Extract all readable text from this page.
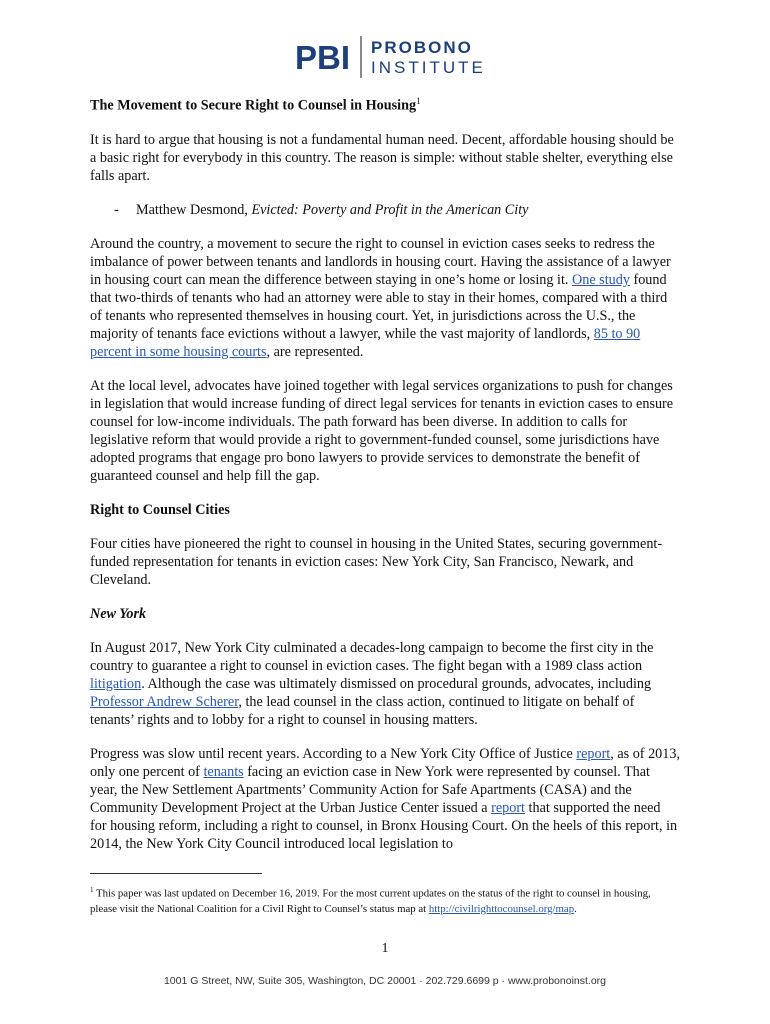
PBI PROBONO
INSTITUTE
The Movement to Secure Right to Counsel in Housing$^1$

It is hard to argue that housing is not a fundamental human need. Decent, affordable housing should be a basic right for everybody in this country. The reason is simple: without stable shelter, everything else falls apart.

- Matthew Desmond, Evicted: Poverty and Profit in the American City

Around the country, a movement to secure the right to counsel in eviction cases seeks to redress the imbalance of power between tenants and landlords in housing court. Having the assistance of a lawyer in housing court can mean the difference between staying in one’s home or losing it. One study found that two-thirds of tenants who had an attorney were able to stay in their homes, compared with a third of tenants who represented themselves in housing court. Yet, in jurisdictions across the U.S., the majority of tenants face evictions without a lawyer, while the vast majority of landlords, 85 to 90 percent in some housing courts, are represented.

At the local level, advocates have joined together with legal services organizations to push for changes in legislation that would increase funding of direct legal services for tenants in eviction cases to ensure counsel for low-income individuals. The path forward has been diverse. In addition to calls for legislative reform that would provide a right to government-funded counsel, some jurisdictions have adopted programs that engage pro bono lawyers to provide services to demonstrate the benefit of guaranteed counsel and help fill the gap.

Right to Counsel Cities

Four cities have pioneered the right to counsel in housing in the United States, securing government-funded representation for tenants in eviction cases: New York City, San Francisco, Newark, and Cleveland.

New York

In August 2017, New York City culminated a decades-long campaign to become the first city in the country to guarantee a right to counsel in eviction cases. The fight began with a 1989 class action litigation. Although the case was ultimately dismissed on procedural grounds, advocates, including Professor Andrew Scherer, the lead counsel in the class action, continued to litigate on behalf of tenants’ rights and to lobby for a right to counsel in housing matters.

Progress was slow until recent years. According to a New York City Office of Justice report, as of 2013, only one percent of tenants facing an eviction case in New York were represented by counsel. That year, the New Settlement Apartments’ Community Action for Safe Apartments (CASA) and the Community Development Project at the Urban Justice Center issued a report that supported the need for housing reform, including a right to counsel, in Bronx Housing Court. On the heels of this report, in 2014, the New York City Council introduced local legislation to

$^1$ This paper was last updated on December 16, 2019. For the most current updates on the status of the right to counsel in housing, please visit the National Coalition for a Civil Right to Counsel’s status map at http://civilrighttocounsel.org/map.
1
1001 G Street, NW, Suite 305, Washington, DC 20001 · 202.729.6699 p · www.probonoinst.org
